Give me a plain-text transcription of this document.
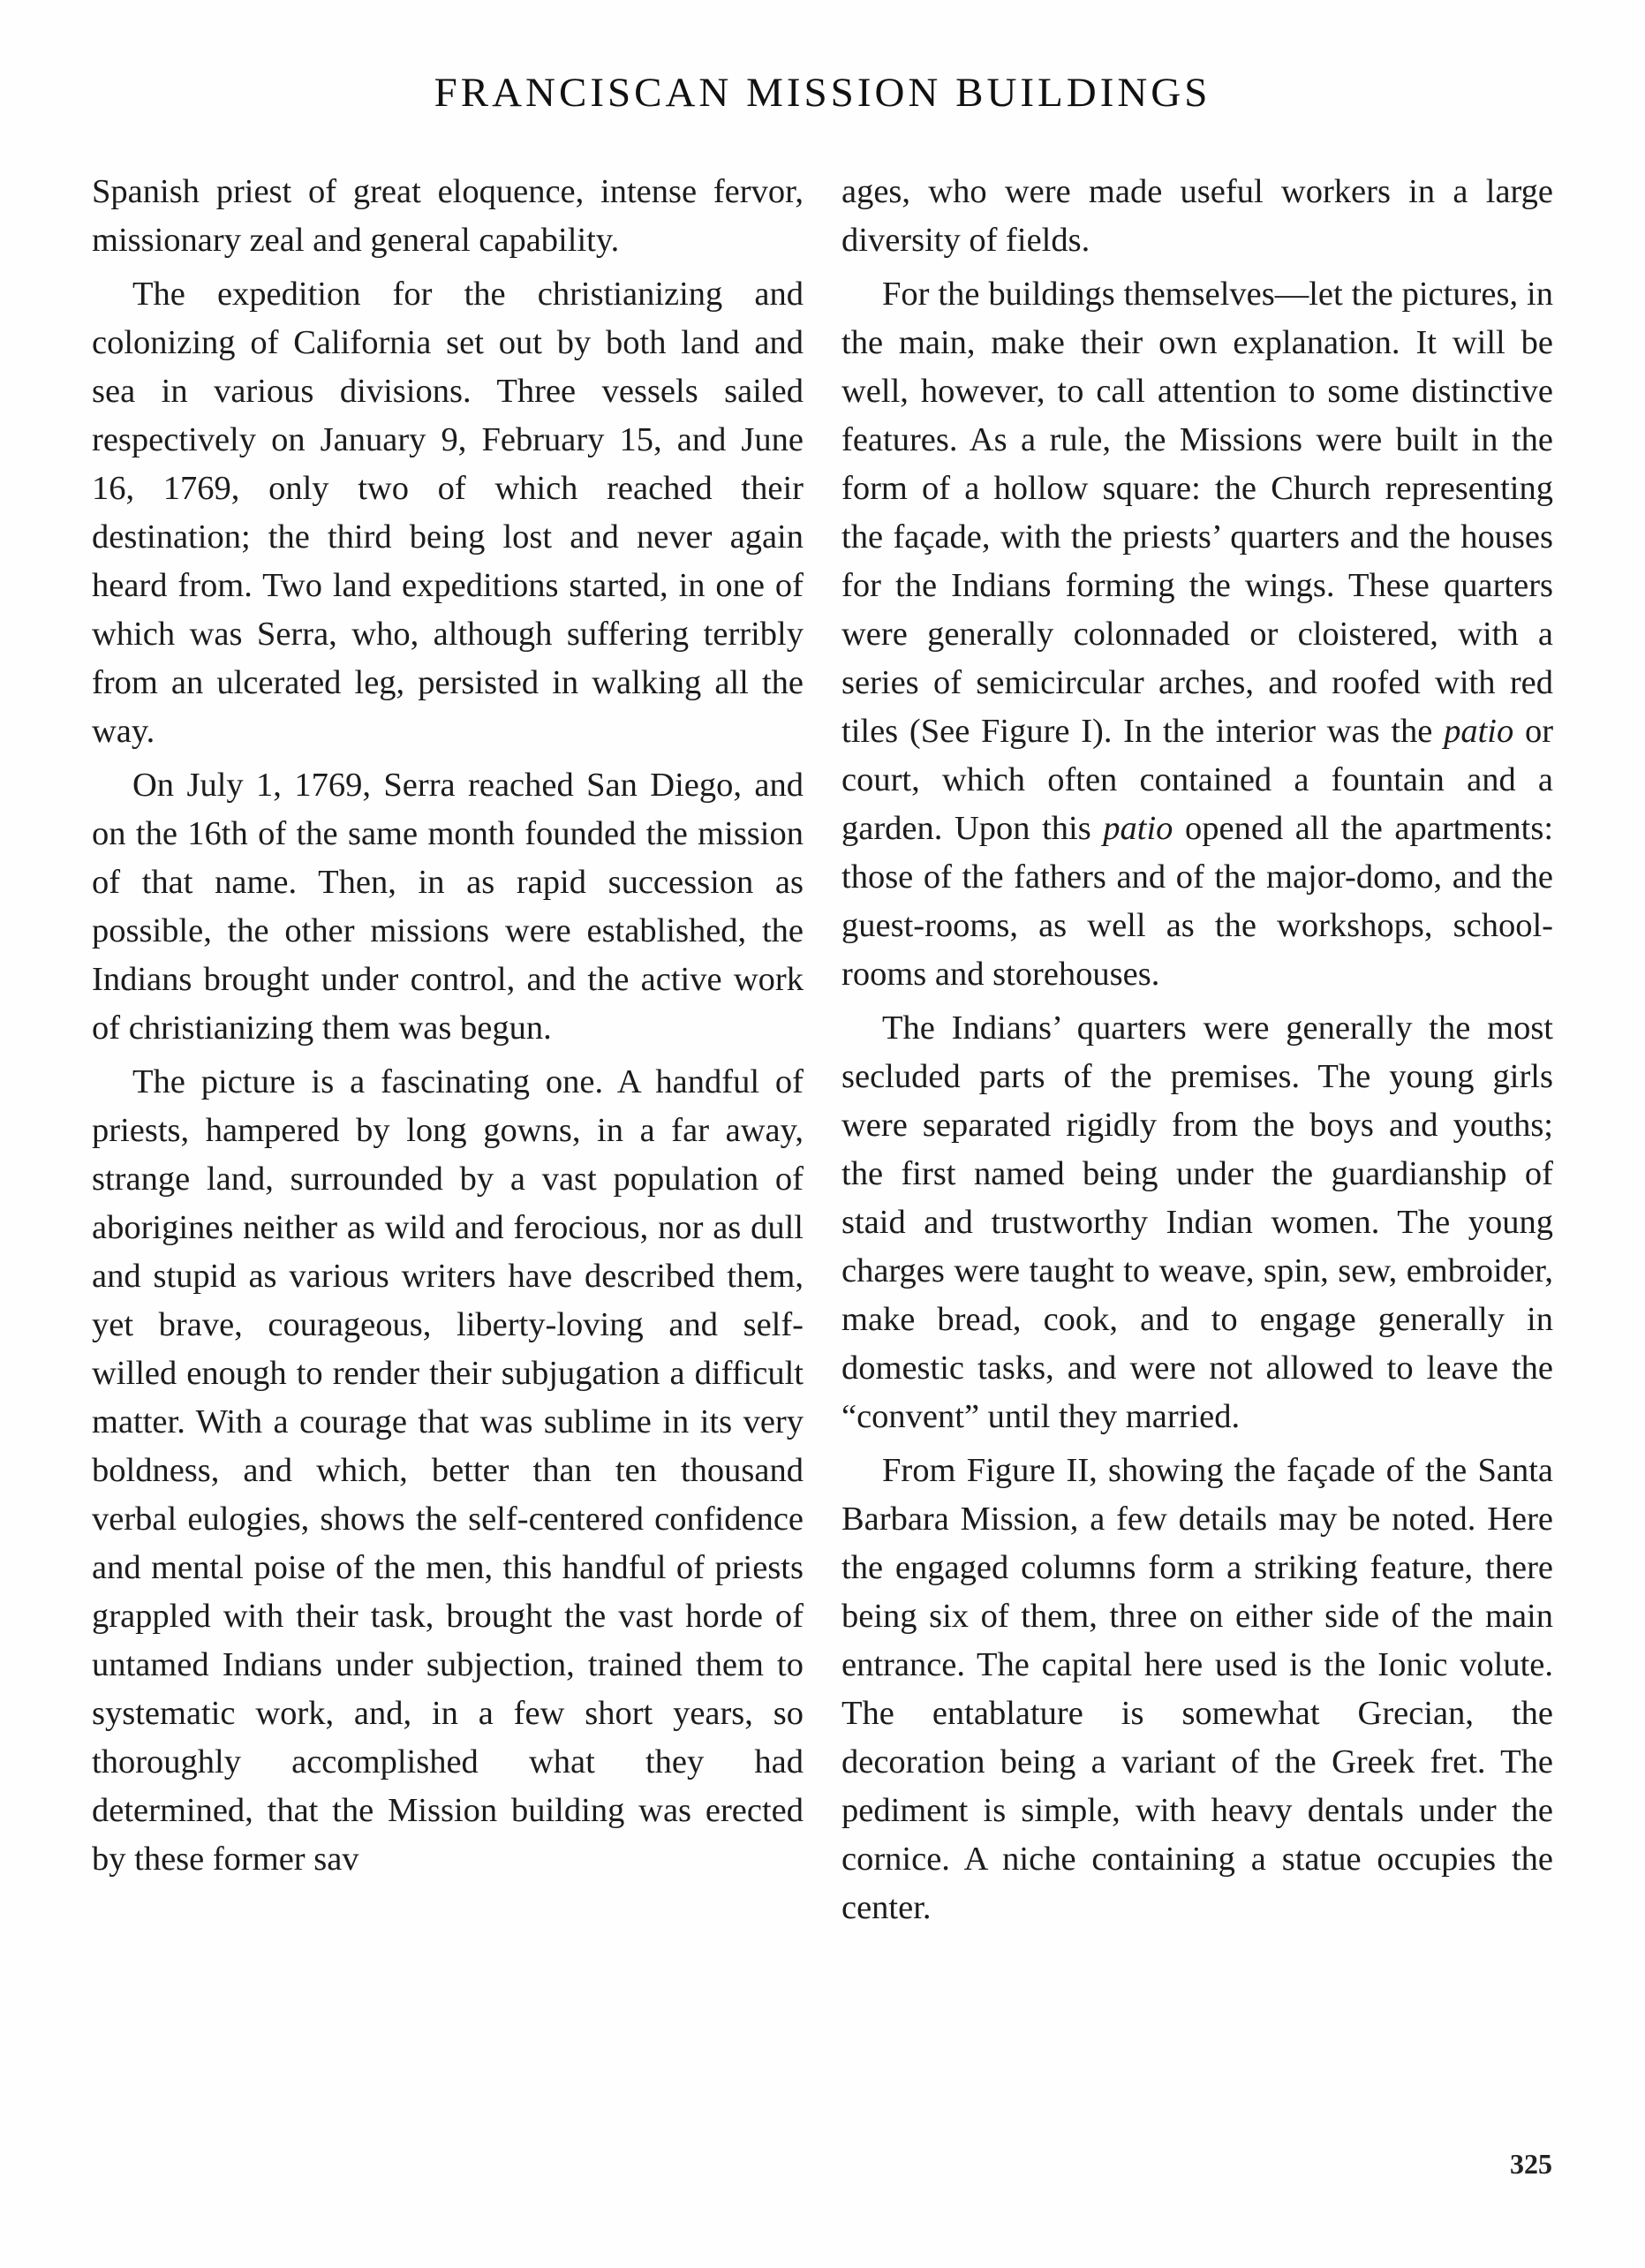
FRANCISCAN MISSION BUILDINGS

Spanish priest of great eloquence, intense fervor, missionary zeal and general capability.

The expedition for the christianizing and colonizing of California set out by both land and sea in various divisions. Three vessels sailed respectively on January 9, February 15, and June 16, 1769, only two of which reached their destination; the third being lost and never again heard from. Two land expeditions started, in one of which was Serra, who, although suffering terribly from an ulcerated leg, persisted in walking all the way.

On July 1, 1769, Serra reached San Diego, and on the 16th of the same month founded the mission of that name. Then, in as rapid succession as possible, the other missions were established, the Indians brought under control, and the active work of christianizing them was begun.

The picture is a fascinating one. A handful of priests, hampered by long gowns, in a far away, strange land, surrounded by a vast population of aborigines neither as wild and ferocious, nor as dull and stupid as various writers have described them, yet brave, courageous, liberty-loving and self-willed enough to render their subjugation a difficult matter. With a courage that was sublime in its very boldness, and which, better than ten thousand verbal eulogies, shows the self-centered confidence and mental poise of the men, this handful of priests grappled with their task, brought the vast horde of untamed Indians under subjection, trained them to systematic work, and, in a few short years, so thoroughly accomplished what they had determined, that the Mission building was erected by these former sav

ages, who were made useful workers in a large diversity of fields.

For the buildings themselves—let the pictures, in the main, make their own explanation. It will be well, however, to call attention to some distinctive features. As a rule, the Missions were built in the form of a hollow square: the Church representing the façade, with the priests’ quarters and the houses for the Indians forming the wings. These quarters were generally colonnaded or cloistered, with a series of semicircular arches, and roofed with red tiles (See Figure I). In the interior was the patio or court, which often contained a fountain and a garden. Upon this patio opened all the apartments: those of the fathers and of the major-domo, and the guest-rooms, as well as the workshops, school-rooms and storehouses.

The Indians’ quarters were generally the most secluded parts of the premises. The young girls were separated rigidly from the boys and youths; the first named being under the guardianship of staid and trustworthy Indian women. The young charges were taught to weave, spin, sew, embroider, make bread, cook, and to engage generally in domestic tasks, and were not allowed to leave the “convent” until they married.

From Figure II, showing the façade of the Santa Barbara Mission, a few details may be noted. Here the engaged columns form a striking feature, there being six of them, three on either side of the main entrance. The capital here used is the Ionic volute. The entablature is somewhat Grecian, the decoration being a variant of the Greek fret. The pediment is simple, with heavy dentals under the cornice. A niche containing a statue occupies the center.

325
